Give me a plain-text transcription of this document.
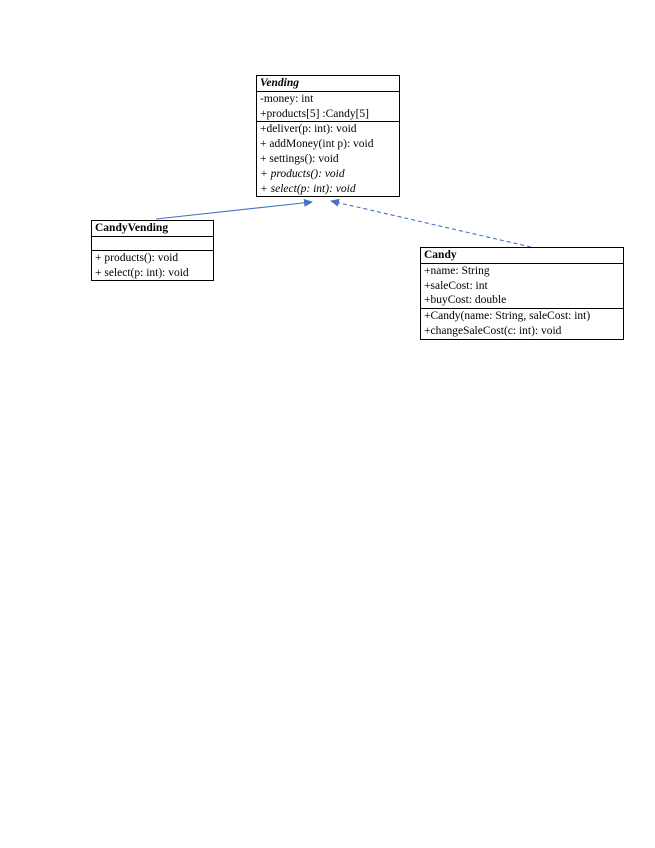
Vending
-money: int
+products[5] :Candy[5]
+deliver(p: int): void
+ addMoney(int p): void
+ settings(): void
+ products(): void
+ select(p: int): void
CandyVending
+ products(): void
+ select(p: int): void
Candy
+name: String
+saleCost: int
+buyCost: double
+Candy(name: String, saleCost: int)
+changeSaleCost(c: int): void
